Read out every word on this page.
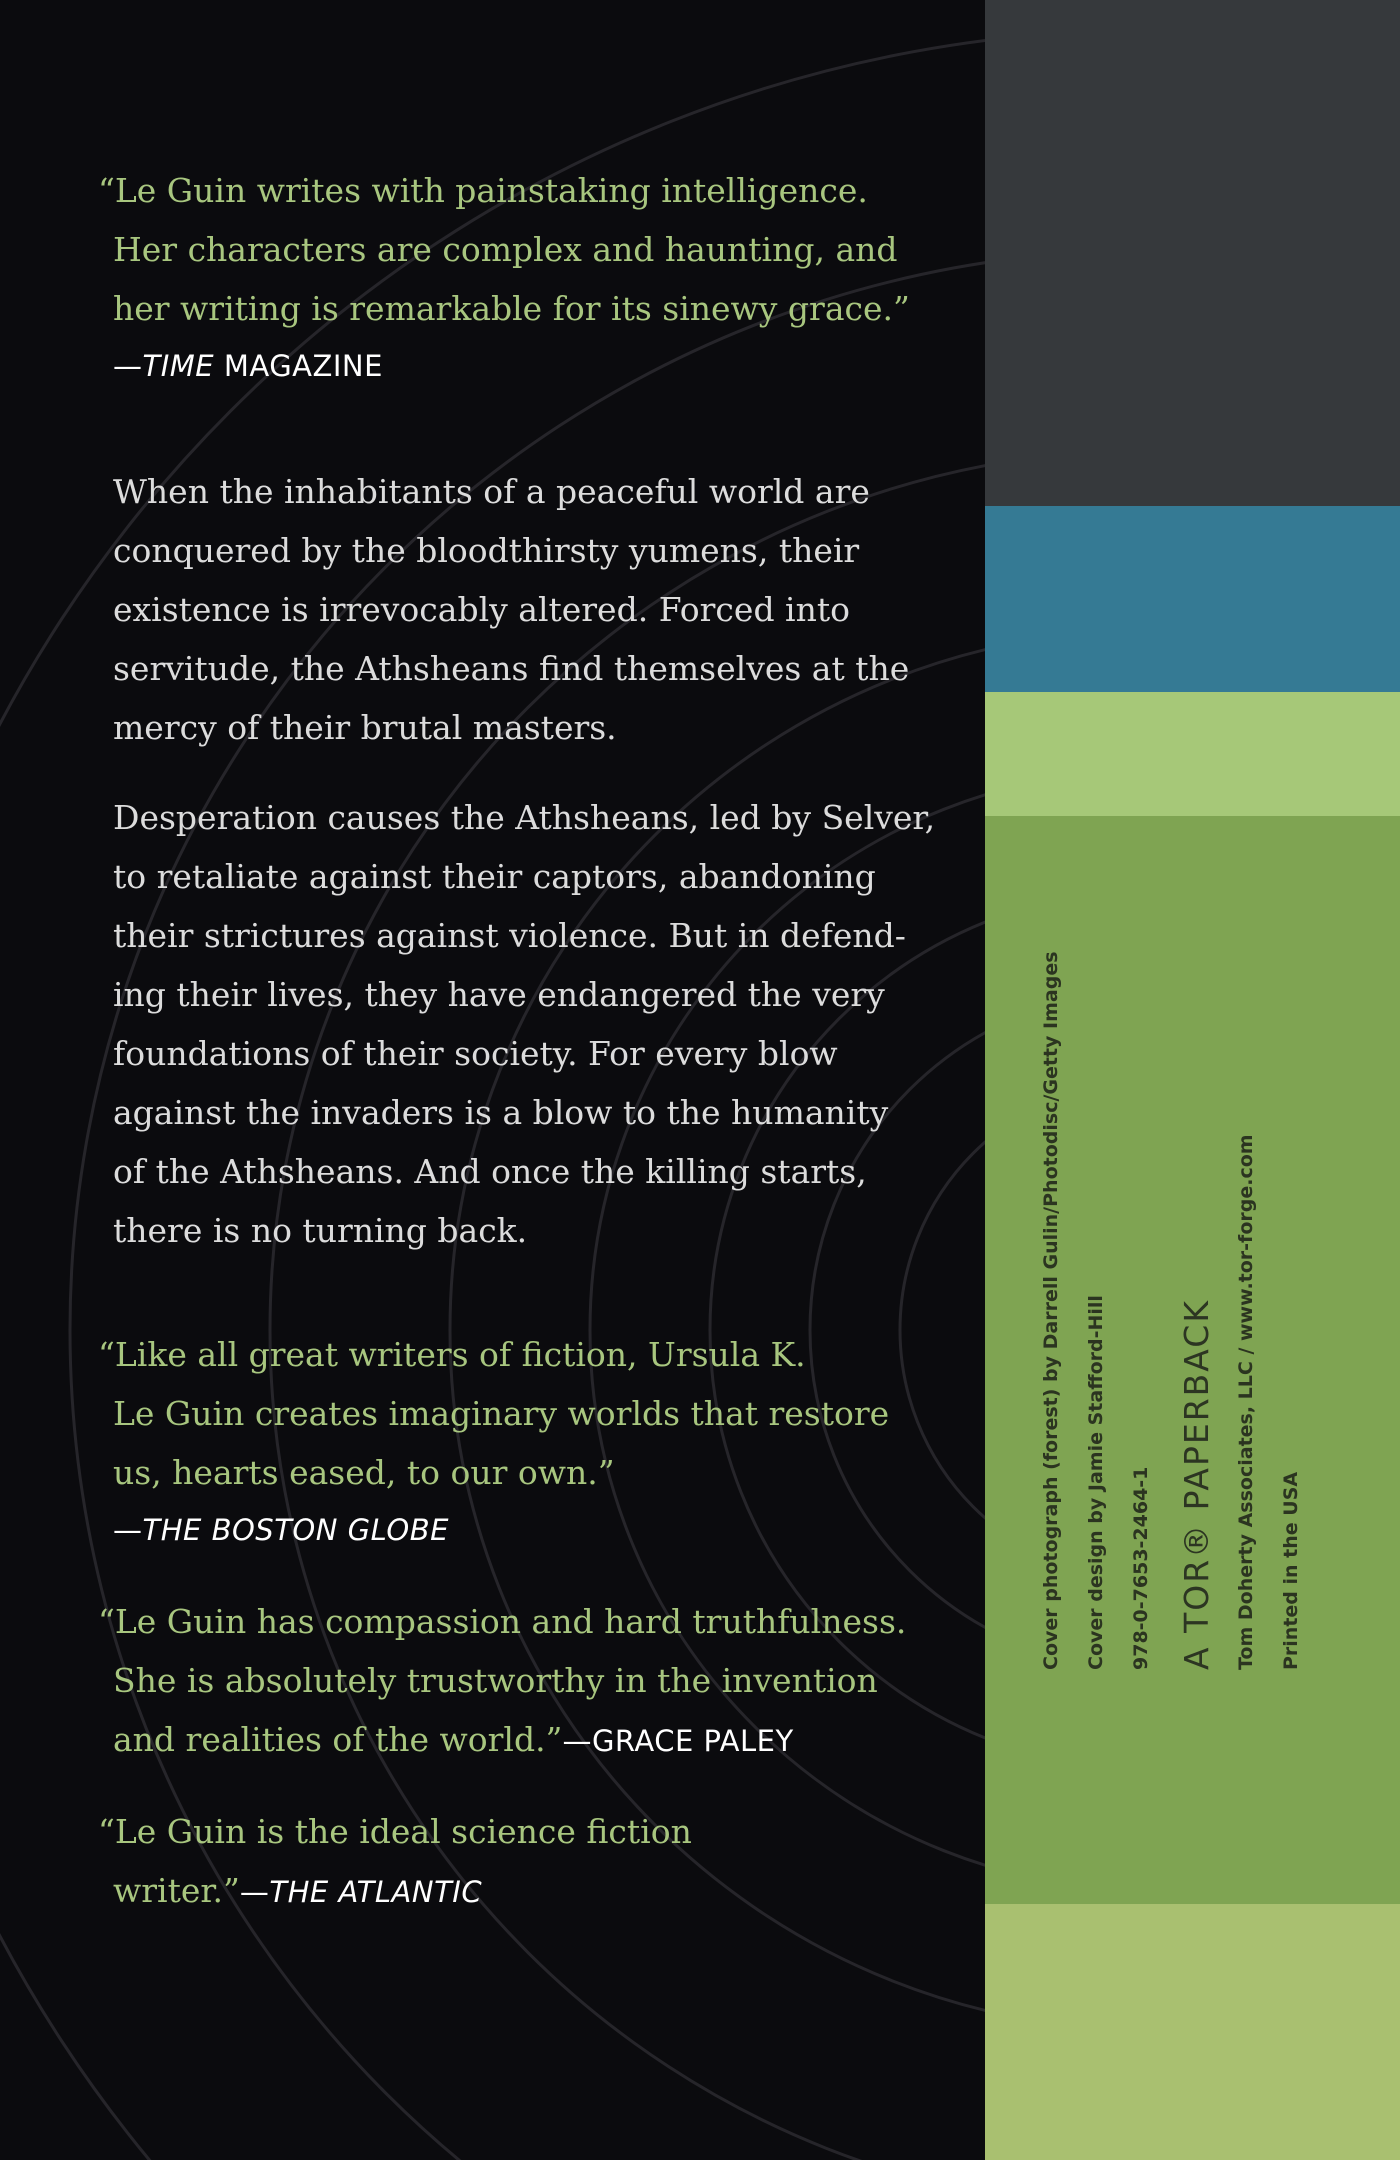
“Le Guin writes with painstaking intelligence.
Her characters are complex and haunting, and
her writing is remarkable for its sinewy grace.”
—TIME MAGAZINE

When the inhabitants of a peaceful world are
conquered by the bloodthirsty yumens, their
existence is irrevocably altered. Forced into
servitude, the Athsheans find themselves at the
mercy of their brutal masters.

Desperation causes the Athsheans, led by Selver,
to retaliate against their captors, abandoning
their strictures against violence. But in defend-
ing their lives, they have endangered the very
foundations of their society. For every blow
against the invaders is a blow to the humanity
of the Athsheans. And once the killing starts,
there is no turning back.

“Like all great writers of fiction, Ursula K.
Le Guin creates imaginary worlds that restore
us, hearts eased, to our own.”
—THE BOSTON GLOBE

“Le Guin has compassion and hard truthfulness.
She is absolutely trustworthy in the invention
and realities of the world.”—GRACE PALEY

“Le Guin is the ideal science fiction
writer.”—THE ATLANTIC

Cover photograph (forest) by Darrell Gulin/Photodisc/Getty Images Cover design by Jamie Stafford-Hill 978-0-7653-2464-1 A TOR® PAPERBACK Tom Doherty Associates, LLC / www.tor-forge.com Printed in the USA
